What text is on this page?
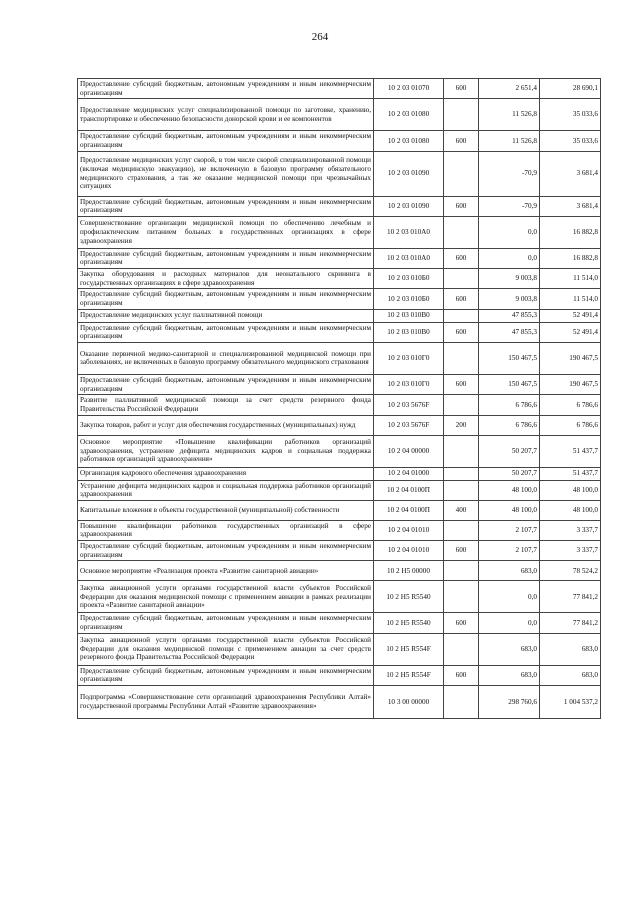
264
Предоставление субсидий бюджетным, автономным учреждениям и иным некоммерческим организациям	10 2 03 01070	600	2 651,4	28 690,1
Предоставление медицинских услуг специализированной помощи по заготовке, хранению, транспортировке и обеспечению безопасности донорской крови и ее компонентов	10 2 03 01080		11 526,8	35 033,6
Предоставление субсидий бюджетным, автономным учреждениям и иным некоммерческим организациям	10 2 03 01080	600	11 526,8	35 033,6
Предоставление медицинских услуг скорой, в том числе скорой специализированной помощи (включая медицинскую эвакуацию), не включенную в базовую программу обязательного медицинского страхования, а так же оказание медицинской помощи при чрезвычайных ситуациях	10 2 03 01090		-70,9	3 681,4
Предоставление субсидий бюджетным, автономным учреждениям и иным некоммерческим организациям	10 2 03 01090	600	-70,9	3 681,4
Совершенствование организации медицинской помощи по обеспечению лечебным и профилактическим питанием больных в государственных организациях в сфере здравоохранения	10 2 03 010А0		0,0	16 882,8
Предоставление субсидий бюджетным, автономным учреждениям и иным некоммерческим организациям	10 2 03 010А0	600	0,0	16 882,8
Закупка оборудования и расходных материалов для неонатального скрининга в государственных организациях в сфере здравоохранения	10 2 03 010Б0		9 003,8	11 514,0
Предоставление субсидий бюджетным, автономным учреждениям и иным некоммерческим организациям	10 2 03 010Б0	600	9 003,8	11 514,0
Предоставление медицинских услуг паллиативной помощи	10 2 03 010В0		47 855,3	52 491,4
Предоставление субсидий бюджетным, автономным учреждениям и иным некоммерческим организациям	10 2 03 010В0	600	47 855,3	52 491,4
Оказание первичной медико-санитарной и специализированной медицинской помощи при заболеваниях, не включенных в базовую программу обязательного медицинского страхования	10 2 03 010Г0		150 467,5	190 467,5
Предоставление субсидий бюджетным, автономным учреждениям и иным некоммерческим организациям	10 2 03 010Г0	600	150 467,5	190 467,5
Развитие паллиативной медицинской помощи за счет средств резервного фонда Правительства Российской Федерации	10 2 03 5676F		6 786,6	6 786,6
Закупка товаров, работ и услуг для обеспечения государственных (муниципальных) нужд	10 2 03 5676F	200	6 786,6	6 786,6
Основное мероприятие «Повышение квалификации работников организаций здравоохранения, устранение дефицита медицинских кадров и социальная поддержка работников организаций здравоохранения»	10 2 04 00000		50 207,7	51 437,7
Организация кадрового обеспечения здравоохранения	10 2 04 01000		50 207,7	51 437,7
Устранение дефицита медицинских кадров и социальная поддержка работников организаций здравоохранения	10 2 04 0100П		48 100,0	48 100,0
Капитальные вложения в объекты государственной (муниципальной) собственности	10 2 04 0100П	400	48 100,0	48 100,0
Повышение квалификации работников государственных организаций в сфере здравоохранения	10 2 04 01010		2 107,7	3 337,7
Предоставление субсидий бюджетным, автономным учреждениям и иным некоммерческим организациям	10 2 04 01010	600	2 107,7	3 337,7
Основное мероприятие «Реализация проекта «Развитие санитарной авиации»	10 2 Н5 00000		683,0	78 524,2
Закупка авиационной услуги органами государственной власти субъектов Российской Федерации для оказания медицинской помощи с применением авиации в рамках реализации проекта «Развитие санитарной авиации»	10 2 Н5 R5540		0,0	77 841,2
Предоставление субсидий бюджетным, автономным учреждениям и иным некоммерческим организациям	10 2 Н5 R5540	600	0,0	77 841,2
Закупка авиационной услуги органами государственной власти субъектов Российской Федерации для оказания медицинской помощи с применением авиации за счет средств резервного фонда Правительства Российской Федерации	10 2 Н5 R554F		683,0	683,0
Предоставление субсидий бюджетным, автономным учреждениям и иным некоммерческим организациям	10 2 Н5 R554F	600	683,0	683,0
Подпрограмма «Совершенствование сети организаций здравоохранения Республики Алтай» государственной программы Республики Алтай «Развитие здравоохранения»	10 3 00 00000		298 760,6	1 004 537,2
